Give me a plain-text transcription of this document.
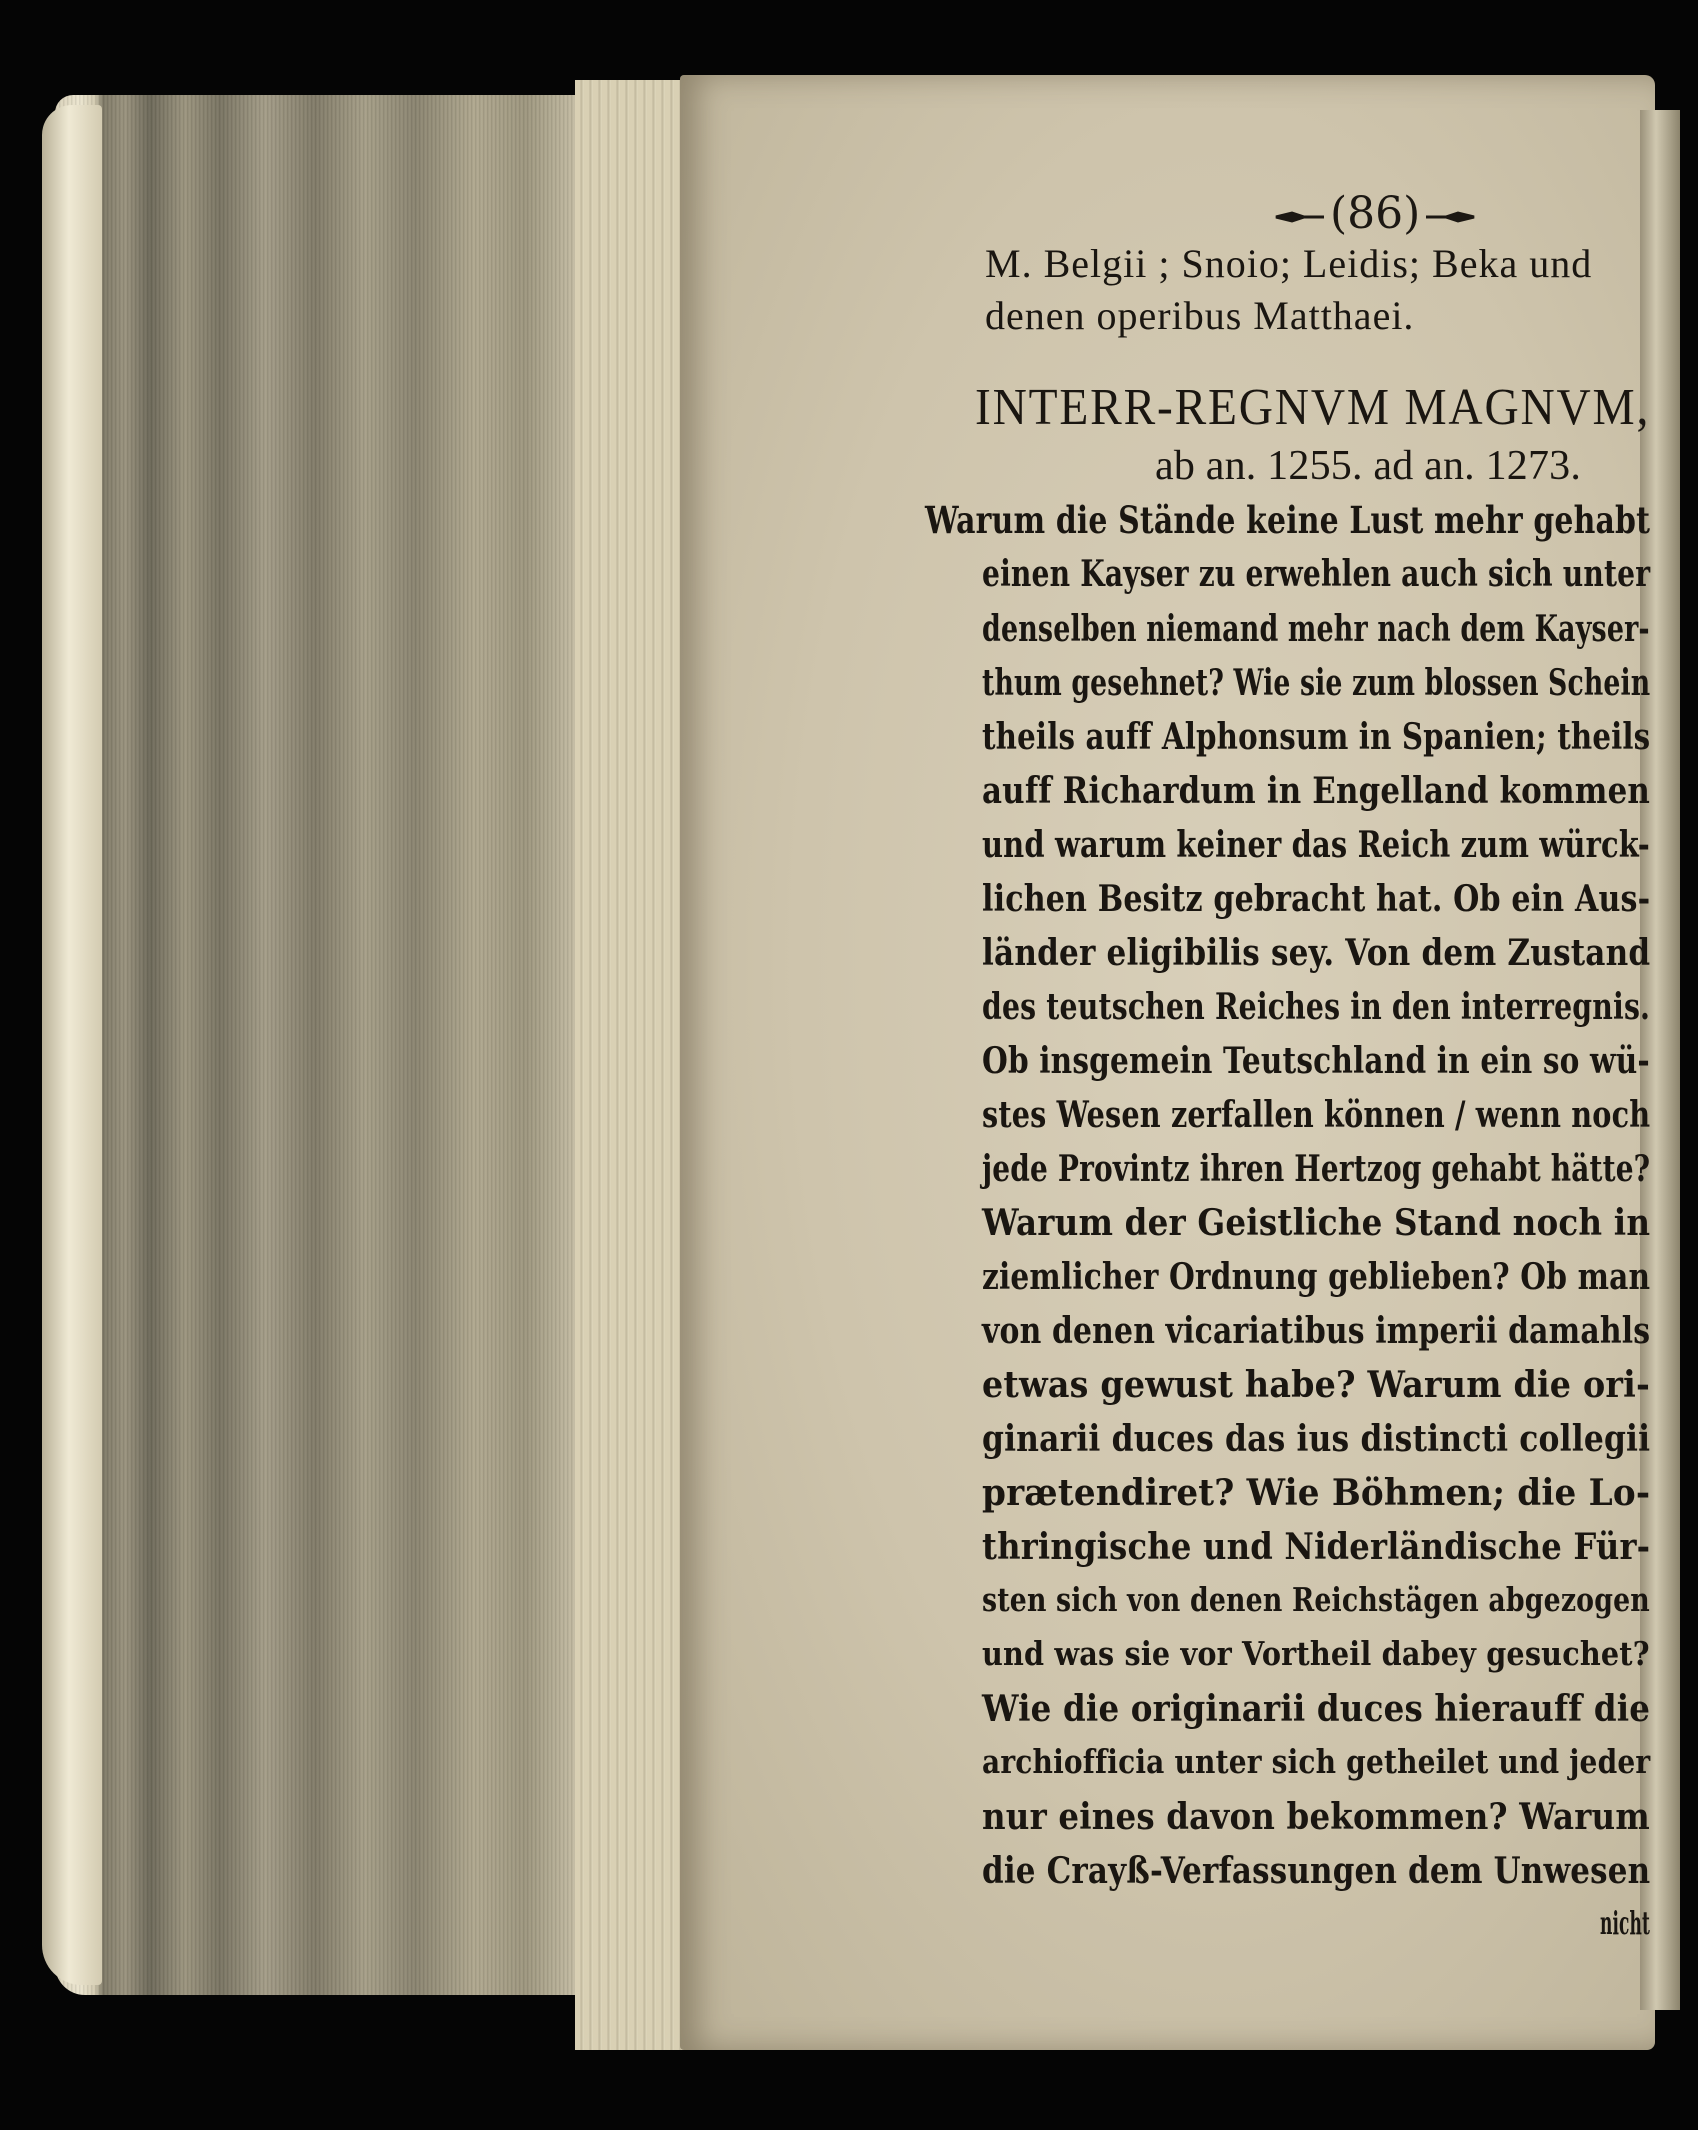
(86)
M. Belgii ; Snoio; Leidis; Beka und
denen operibus Matthaei.
INTERR-REGNVM MAGNVM,
ab an. 1255. ad an. 1273.
Warum die Stände keine Lust mehr gehabt
einen Kayser zu erwehlen auch sich unter
denselben niemand mehr nach dem Kayser-
thum gesehnet? Wie sie zum blossen Schein
theils auff Alphonsum in Spanien; theils
auff Richardum in Engelland kommen
und warum keiner das Reich zum würck-
lichen Besitz gebracht hat. Ob ein Aus-
länder eligibilis sey. Von dem Zustand
des teutschen Reiches in den interregnis.
Ob insgemein Teutschland in ein so wü-
stes Wesen zerfallen können / wenn noch
jede Provintz ihren Hertzog gehabt hätte?
Warum der Geistliche Stand noch in
ziemlicher Ordnung geblieben? Ob man
von denen vicariatibus imperii damahls
etwas gewust habe? Warum die ori-
ginarii duces das ius distincti collegii
prætendiret? Wie Böhmen; die Lo-
thringische und Niderländische Für-
sten sich von denen Reichstägen abgezogen
und was sie vor Vortheil dabey gesuchet?
Wie die originarii duces hierauff die
archiofficia unter sich getheilet und jeder
nur eines davon bekommen? Warum
die Crayß-Verfassungen dem Unwesen
nicht
